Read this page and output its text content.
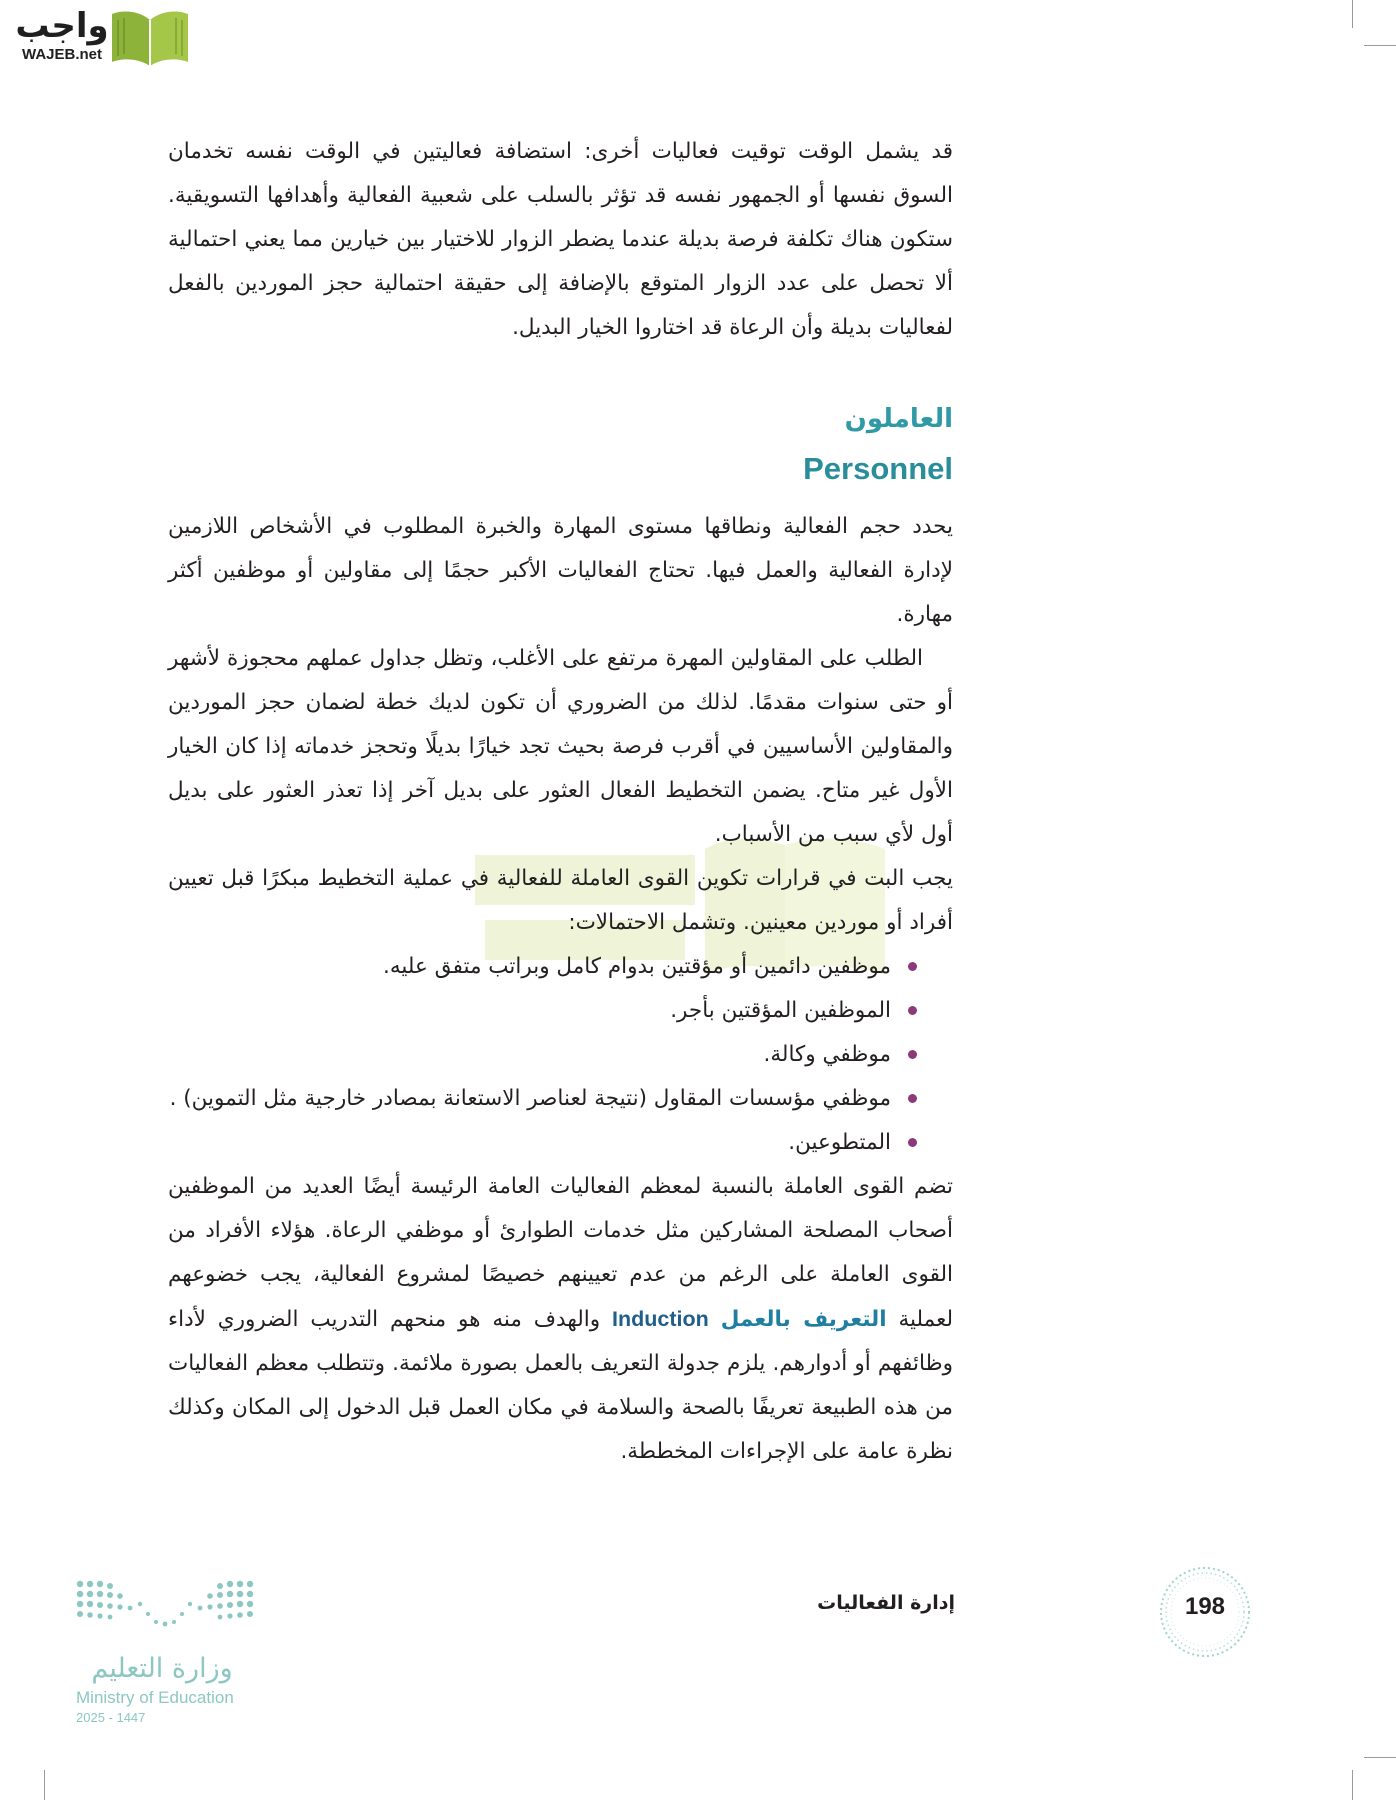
واجب
WAJEB.net

قد يشمل الوقت توقيت فعاليات أخرى: استضافة فعاليتين في الوقت نفسه تخدمان السوق نفسها أو الجمهور نفسه قد تؤثر بالسلب على شعبية الفعالية وأهدافها التسويقية. ستكون هناك تكلفة فرصة بديلة عندما يضطر الزوار للاختيار بين خيارين مما يعني احتمالية ألا تحصل على عدد الزوار المتوقع بالإضافة إلى حقيقة احتمالية حجز الموردين بالفعل لفعاليات بديلة وأن الرعاة قد اختاروا الخيار البديل.

العاملون
Personnel

يحدد حجم الفعالية ونطاقها مستوى المهارة والخبرة المطلوب في الأشخاص اللازمين لإدارة الفعالية والعمل فيها. تحتاج الفعاليات الأكبر حجمًا إلى مقاولين أو موظفين أكثر مهارة.

الطلب على المقاولين المهرة مرتفع على الأغلب، وتظل جداول عملهم محجوزة لأشهر أو حتى سنوات مقدمًا. لذلك من الضروري أن تكون لديك خطة لضمان حجز الموردين والمقاولين الأساسيين في أقرب فرصة بحيث تجد خيارًا بديلًا وتحجز خدماته إذا كان الخيار الأول غير متاح. يضمن التخطيط الفعال العثور على بديل آخر إذا تعذر العثور على بديل أول لأي سبب من الأسباب.

يجب البت في قرارات تكوين القوى العاملة للفعالية في عملية التخطيط مبكرًا قبل تعيين أفراد أو موردين معينين. وتشمل الاحتمالات:

موظفين دائمين أو مؤقتين بدوام كامل وبراتب متفق عليه.
الموظفين المؤقتين بأجر.
موظفي وكالة.
موظفي مؤسسات المقاول (نتيجة لعناصر الاستعانة بمصادر خارجية مثل التموين) .
المتطوعين.

تضم القوى العاملة بالنسبة لمعظم الفعاليات العامة الرئيسة أيضًا العديد من الموظفين أصحاب المصلحة المشاركين مثل خدمات الطوارئ أو موظفي الرعاة. هؤلاء الأفراد من القوى العاملة على الرغم من عدم تعيينهم خصيصًا لمشروع الفعالية، يجب خضوعهم لعملية التعريف بالعمل Induction والهدف منه هو منحهم التدريب الضروري لأداء وظائفهم أو أدوارهم. يلزم جدولة التعريف بالعمل بصورة ملائمة. وتتطلب معظم الفعاليات من هذه الطبيعة تعريفًا بالصحة والسلامة في مكان العمل قبل الدخول إلى المكان وكذلك نظرة عامة على الإجراءات المخططة.

إدارة الفعاليات	198
وزارة التعليم
Ministry of Education
2025 - 1447
